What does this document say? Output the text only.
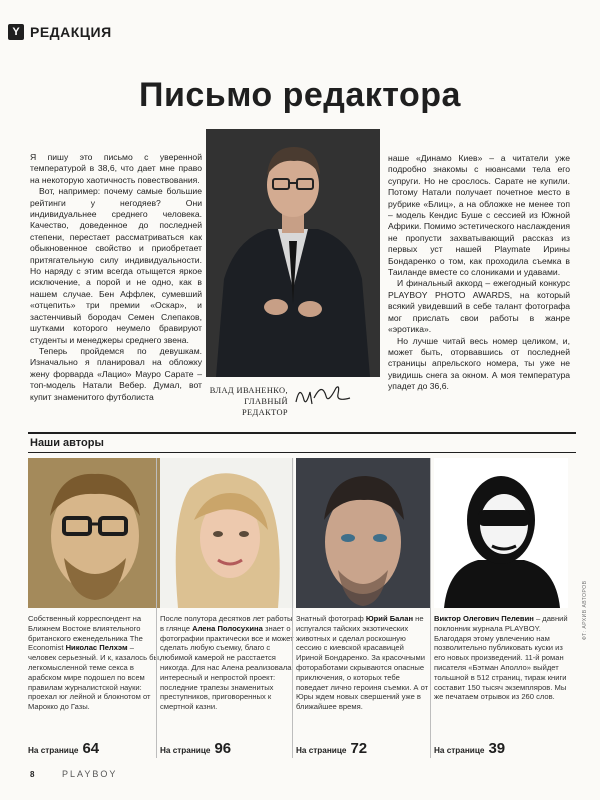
Y РЕДАКЦИЯ
Письмо редактора

Я пишу это письмо с уверенной температурой в 38,6, что дает мне право на некоторую хаотичность повествования.

Вот, например: почему самые большие рейтинги у негодяев? Они индивидуальнее среднего человека. Качество, доведенное до последней степени, перестает рассматриваться как обыкновенное свойство и приобретает притягательную силу индивидуальности. Но наряду с этим всегда отыщется яркое исключение, а порой и не одно, как в нашем случае. Бен Аффлек, сумевший «отцепить» три премии «Оскар», и застенчивый бородач Семен Слепаков, шутками которого неумело бравируют студенты и менеджеры среднего звена.

Теперь пройдемся по девушкам. Изначально я планировал на обложку жену форварда «Лацио» Мауро Сарате – топ-модель Натали Вебер. Думал, вот купит знаменитого футболиста

наше «Динамо Киев» – а читатели уже подробно знакомы с нюансами тела его супруги. Но не срослось. Сарате не купили. Потому Натали получает почетное место в рубрике «Блиц», а на обложке не менее топ – модель Кендис Буше с сессией из Южной Африки. Помимо эстетического наслаждения не пропусти захватывающий рассказ из первых уст нашей Playmate Ирины Бондаренко о том, как проходила съемка в Таиланде вместе со слониками и удавами.

И финальный аккорд – ежегодный конкурс PLAYBOY PHOTO AWARDS, на который всякий увидевший в себе талант фотографа мог прислать свои работы в жанре «эротика».

Но лучше читай весь номер целиком, и, может быть, оторвавшись от последней страницы апрельского номера, ты уже не увидишь снега за окном. А моя температура упадет до 36,6.

ВЛАД ИВАНЕНКО,
ГЛАВНЫЙ РЕДАКТОР
Наши авторы
Собственный корреспондент на Ближнем Востоке влиятельного британского еженедельника The Economist Николас Пелхэм – человек серьезный. И к, казалось бы, легкомысленной теме секса в арабском мире подошел по всем правилам журналистской науки: проехал юг лейной и блокнотом от Марокко до Газы.
На странице 64
После полутора десятков лет работы в глянце Алена Полосухина знает о фотографии практически все и может сделать любую съемку, благо с любимой камерой не расстается никогда. Для нас Алена реализовала интересный и непростой проект: последние трапезы знаменитых преступников, приговоренных к смертной казни.
На странице 96
Знатный фотограф Юрий Балан не испугался тайских экзотических животных и сделал роскошную сессию с киевской красавицей Ириной Бондаренко. За красочными фотоработами скрываются опасные приключения, о которых тебе поведает лично героиня съемки. А от Юры ждем новых свершений уже в ближайшее время.
На странице 72
Виктор Олегович Пелевин – давний поклонник журнала PLAYBOY. Благодаря этому увлечению нам позволительно публиковать куски из его новых произведений. 11-й роман писателя «Бэтман Аполло» выйдет тольшной в 512 страниц, тираж книги составит 150 тысяч экземпляров. Мы же печатаем отрывок из 260 слов.
На странице 39
ФТ: АРХИВ АВТОРОВ
8	PLAYBOY
